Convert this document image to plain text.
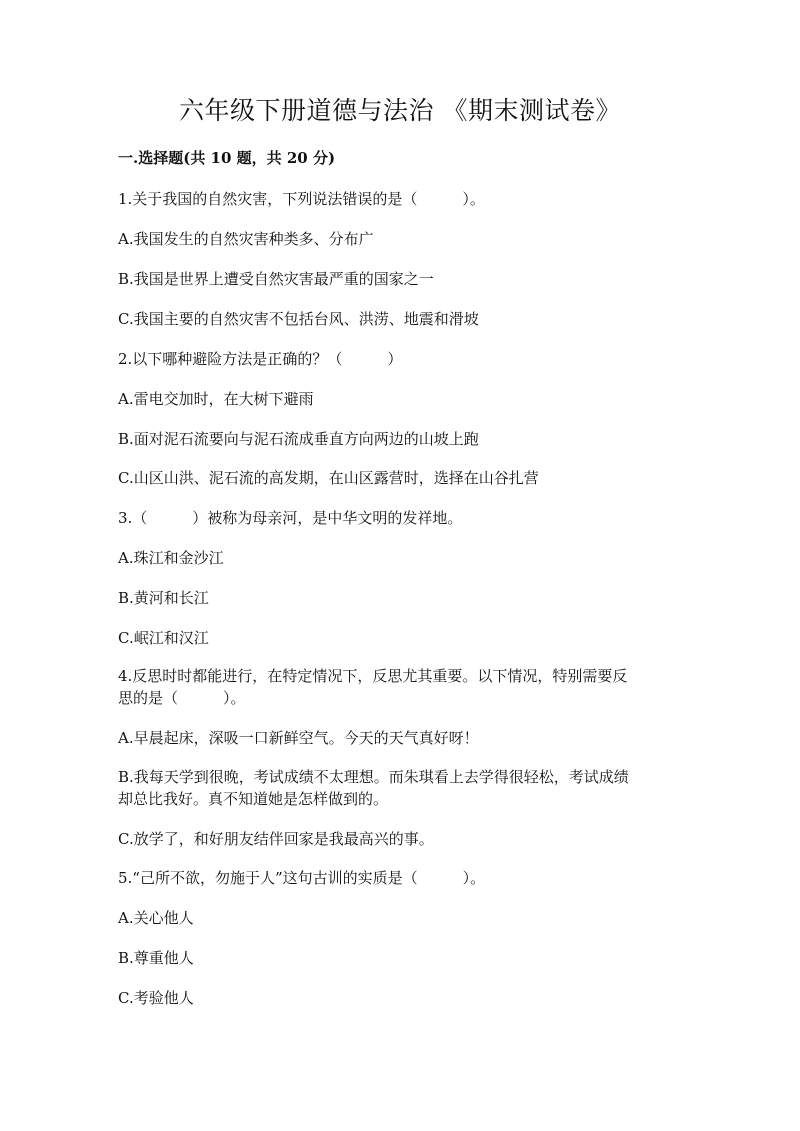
六年级下册道德与法治 《期末测试卷》
一.选择题(共 10 题，共 20 分)
1.关于我国的自然灾害，下列说法错误的是（　　　）。
A.我国发生的自然灾害种类多、分布广
B.我国是世界上遭受自然灾害最严重的国家之一
C.我国主要的自然灾害不包括台风、洪涝、地震和滑坡
2.以下哪种避险方法是正确的？（　　　）
A.雷电交加时，在大树下避雨
B.面对泥石流要向与泥石流成垂直方向两边的山坡上跑
C.山区山洪、泥石流的高发期，在山区露营时，选择在山谷扎营
3.（　　　）被称为母亲河，是中华文明的发祥地。
A.珠江和金沙江
B.黄河和长江
C.岷江和汉江
4.反思时时都能进行，在特定情况下，反思尤其重要。以下情况，特别需要反
思的是（　　　）。
A.早晨起床，深吸一口新鲜空气。今天的天气真好呀！
B.我每天学到很晚，考试成绩不太理想。而朱琪看上去学得很轻松，考试成绩
却总比我好。真不知道她是怎样做到的。
C.放学了，和好朋友结伴回家是我最高兴的事。
5.“己所不欲，勿施于人”这句古训的实质是（　　　）。
A.关心他人
B.尊重他人
C.考验他人
